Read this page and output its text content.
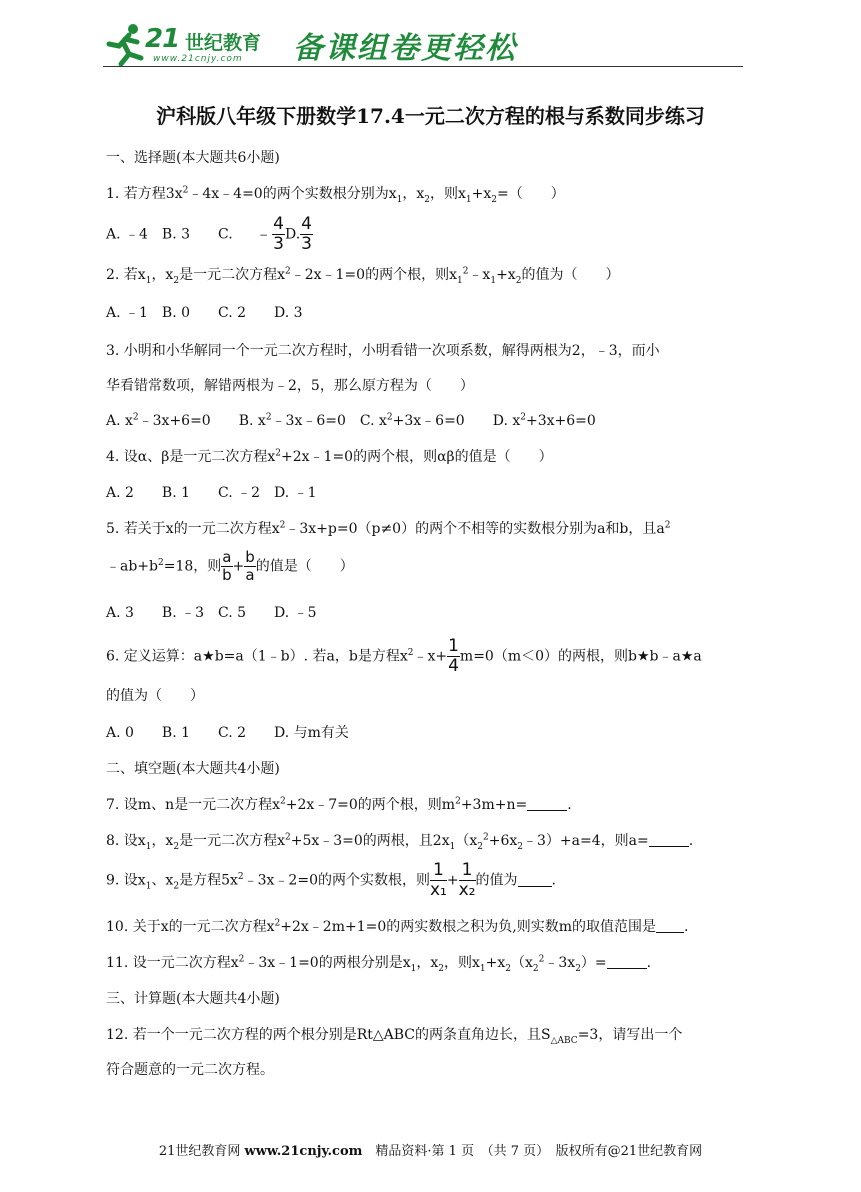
21 世纪教育
www.21cnjy.com 备课组卷更轻松
沪科版八年级下册数学17.4一元二次方程的根与系数同步练习
一、选择题(本大题共6小题)
1. 若方程$3x^2﹣4x﹣4=0$的两个实数根分别为$x_1$，$x_2$，则$x_1+x_2=$（　　）
A. ﹣4　B. 3　　C. ﹣ $\frac{4}{3} D$. $\frac{4}{3}$
2. 若$x_1$，$x_2$是一元二次方程$x^2﹣2x﹣1=0$的两个根，则$x_1^2﹣x_1+x_2$的值为（　　）
A. ﹣1　B. 0　　C. 2　　D. 3
3. 小明和小华解同一个一元二次方程时，小明看错一次项系数，解得两根为2，﹣3，而小
华看错常数项，解错两根为﹣2，5，那么原方程为（　　）
A. $x^2﹣3x+6=0$　　B. $x^2﹣3x﹣6=0$　C. $x^2+3x﹣6=0$　　D. $x^2+3x+6=0$
4. 设α、β是一元二次方程$x^2+2x﹣1=0$的两个根，则αβ的值是（　　）
A. 2　　B. 1　　C. ﹣2　D. ﹣1
5. 若关于x的一元二次方程$x^2﹣3x+p=0(p\ne 0)$的两个不相等的实数根分别为a和b，且$a^2$
$﹣ab+b^2=18$，则 $\frac{a}{b} + \frac{b}{a}$ 的值是（　　）
A. 3　　B. ﹣3　C. 5　　D. ﹣5
6. 定义运算：a★b=a（1﹣b）. 若a，b是方程$x^2﹣x+ \frac{1}{4} m=0(m<0)$的两根，则b★b﹣a★a
的值为（　　）
A. 0　　B. 1　　C. 2　　D. 与m有关
二、填空题(本大题共4小题)
7. 设m、n是一元二次方程$x^2+2x﹣7=0$的两个根，则$m^2+3m+n=$	.
8. 设$x_1$，$x_2$是一元二次方程$x^2+5x﹣3=0$的两根，且$2x_1(x_2^2+6x_2﹣3)+a=4$，则a=	.
9. 设$x_1$、$x_2$是方程$5x^2﹣3x﹣2=0$的两个实数根，则 $\frac{1}{\text{x₁}} + \frac{1}{\text{x₂}}$ 的值为 .
10. 关于x的一元二次方程$x^2+2x﹣2m+1=0$的两实数根之积为负,则实数m的取值范围是 .
11. 设一元二次方程$x^2﹣3x﹣1=0$的两根分别是$x_1$，$x_2$，则$x_1+x_2(x_2^2﹣3x_2)=$	.
三、计算题(本大题共4小题)
12. 若一个一元二次方程的两个根分别是Rt△ABC的两条直角边长，且$S_{\triangle ABC}=3$，请写出一个
符合题意的一元二次方程。
21世纪教育网 www.21cnjy.com　精品资料·第 1 页　（共 7 页）　版权所有@21世纪教育网
